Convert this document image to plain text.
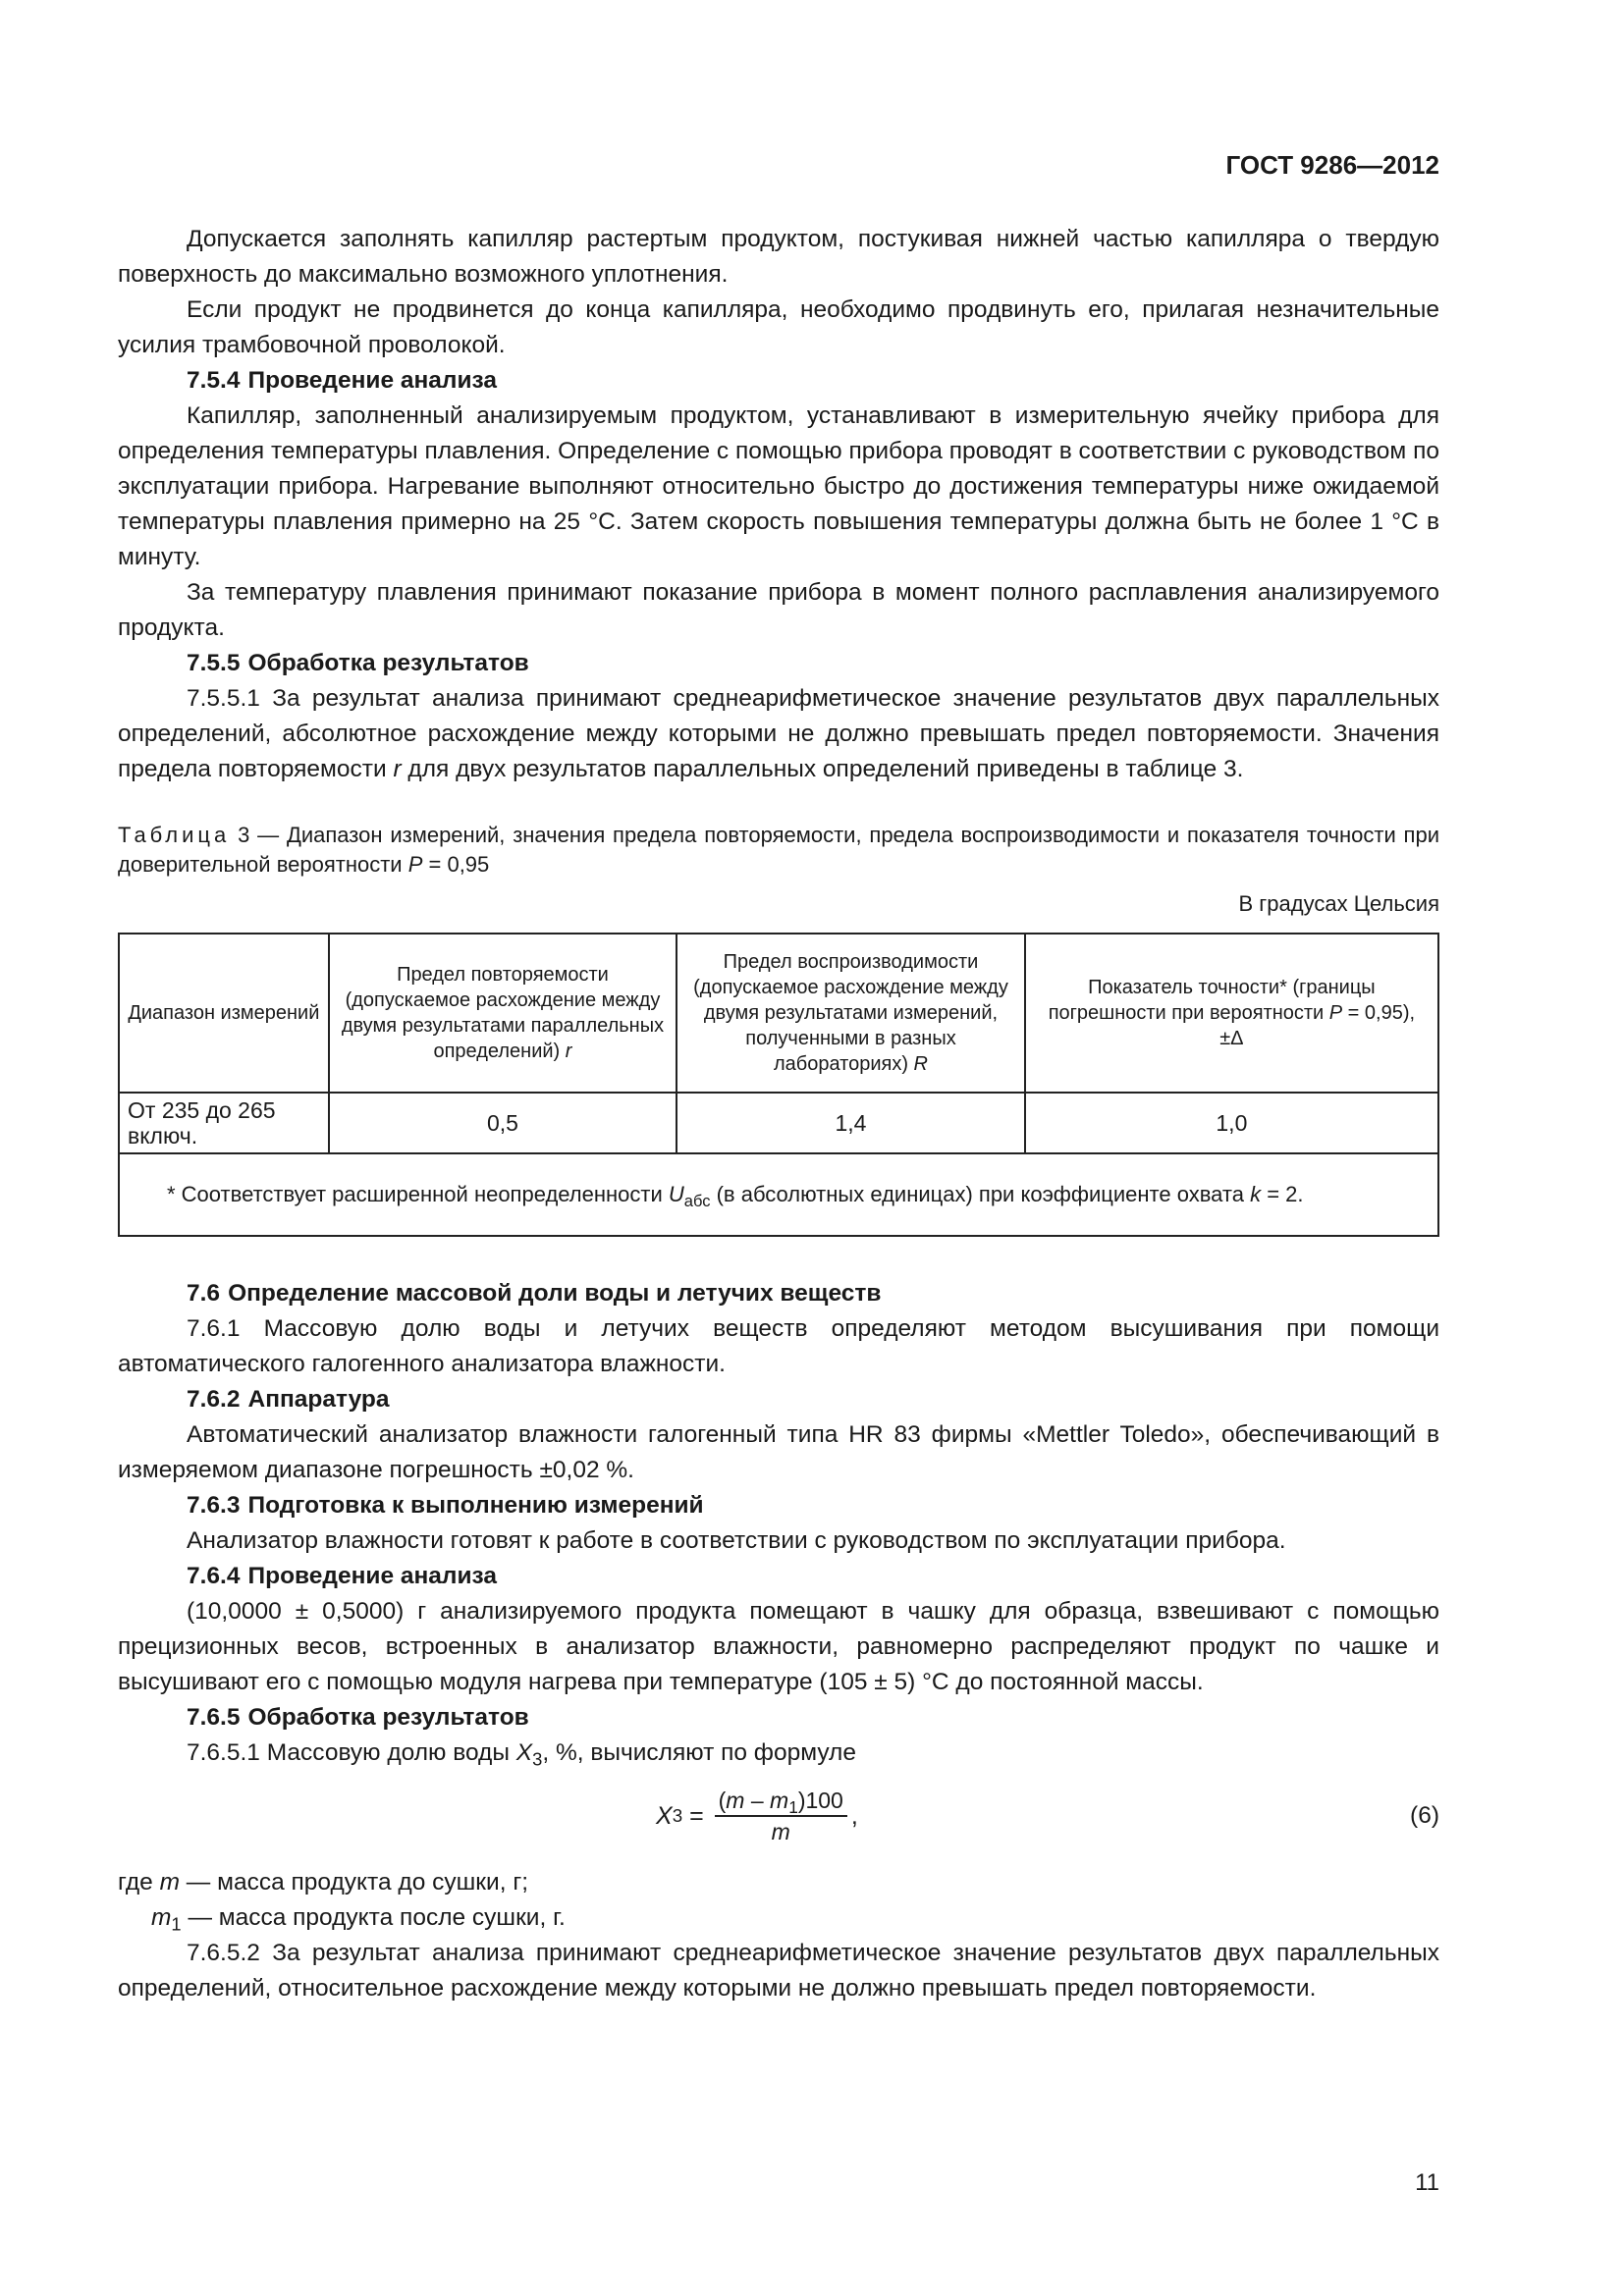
ГОСТ 9286—2012

Допускается заполнять капилляр растертым продуктом, постукивая нижней частью капилляра о твердую поверхность до максимально возможного уплотнения.

Если продукт не продвинется до конца капилляра, необходимо продвинуть его, прилагая незначительные усилия трамбовочной проволокой.

7.5.4 Проведение анализа

Капилляр, заполненный анализируемым продуктом, устанавливают в измерительную ячейку прибора для определения температуры плавления. Определение с помощью прибора проводят в соответствии с руководством по эксплуатации прибора. Нагревание выполняют относительно быстро до достижения температуры ниже ожидаемой температуры плавления примерно на 25 °С. Затем скорость повышения температуры должна быть не более 1 °С в минуту.

За температуру плавления принимают показание прибора в момент полного расплавления анализируемого продукта.

7.5.5 Обработка результатов

7.5.5.1 За результат анализа принимают среднеарифметическое значение результатов двух параллельных определений, абсолютное расхождение между которыми не должно превышать предел повторяемости. Значения предела повторяемости r для двух результатов параллельных определений приведены в таблице 3.

Таблица 3 — Диапазон измерений, значения предела повторяемости, предела воспроизводимости и показателя точности при доверительной вероятности P = 0,95
В градусах Цельсия
Диапазон измерений	Предел повторяемости (допускаемое расхождение между двумя результатами параллельных определений) r	Предел воспроизводимости (допускаемое расхождение между двумя результатами измерений, полученными в разных лабораториях) R	Показатель точности* (границы погрешности при вероятности P = 0,95), ±Δ
От 235 до 265 включ.	0,5	1,4	1,0
* Соответствует расширенной неопределенности $U_{абс}$ (в абсолютных единицах) при коэффициенте охвата k = 2.			

7.6 Определение массовой доли воды и летучих веществ

7.6.1 Массовую долю воды и летучих веществ определяют методом высушивания при помощи автоматического галогенного анализатора влажности.

7.6.2 Аппаратура

Автоматический анализатор влажности галогенный типа HR 83 фирмы «Mettler Toledo», обеспечивающий в измеряемом диапазоне погрешность ±0,02 %.

7.6.3 Подготовка к выполнению измерений

Анализатор влажности готовят к работе в соответствии с руководством по эксплуатации прибора.

7.6.4 Проведение анализа

(10,0000 ± 0,5000) г анализируемого продукта помещают в чашку для образца, взвешивают с помощью прецизионных весов, встроенных в анализатор влажности, равномерно распределяют продукт по чашке и высушивают его с помощью модуля нагрева при температуре (105 ± 5) °С до постоянной массы.

7.6.5 Обработка результатов

7.6.5.1 Массовую долю воды $X_3$, %, вычисляют по формуле

X $3 = \frac{(m - m_1)100}{m}$ ,	(6)

где m — масса продукта до сушки, г;

$m_1$ — масса продукта после сушки, г.

7.6.5.2 За результат анализа принимают среднеарифметическое значение результатов двух параллельных определений, относительное расхождение между которыми не должно превышать предел повторяемости.

11
